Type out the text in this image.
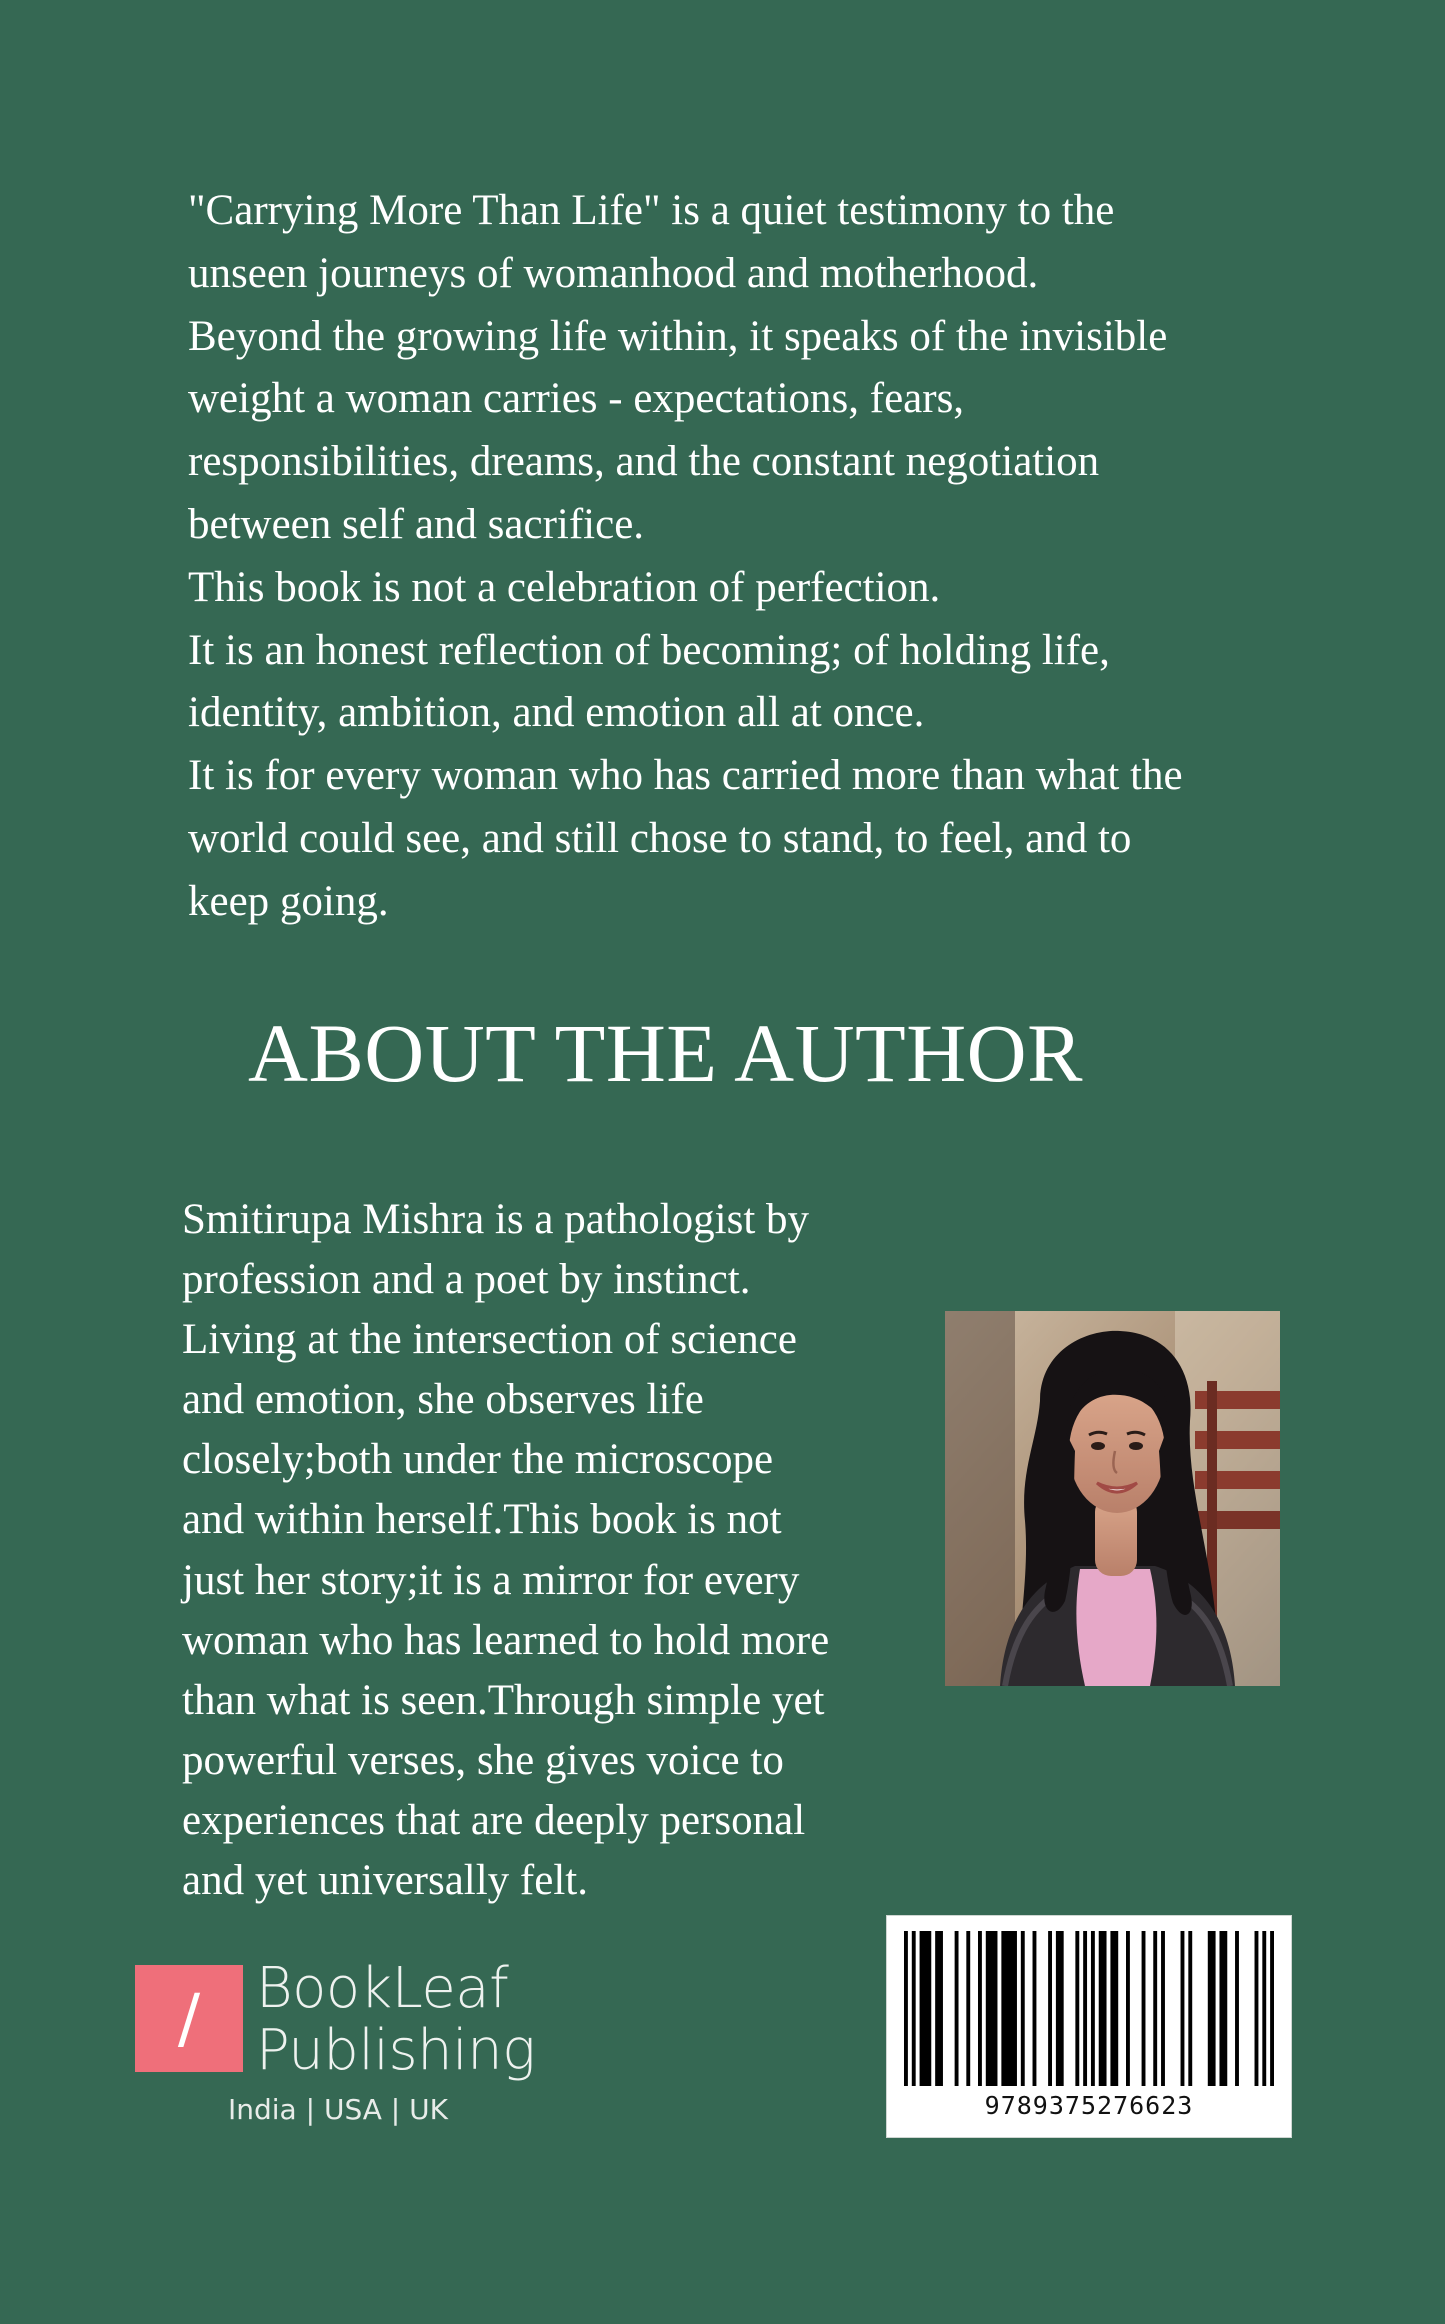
"Carrying More Than Life" is a quiet testimony to the

unseen journeys of womanhood and motherhood.

Beyond the growing life within, it speaks of the invisible

weight a woman carries - expectations, fears,

responsibilities, dreams, and the constant negotiation

between self and sacrifice.

This book is not a celebration of perfection.

It is an honest reflection of becoming; of holding life,

identity, ambition, and emotion all at once.

It is for every woman who has carried more than what the

world could see, and still chose to stand, to feel, and to

keep going.

ABOUT THE AUTHOR

Smitirupa Mishra is a pathologist by

profession and a poet by instinct.

Living at the intersection of science

and emotion, she observes life

closely;both under the microscope

and within herself.This book is not

just her story;it is a mirror for every

woman who has learned to hold more

than what is seen.Through simple yet

powerful verses, she gives voice to

experiences that are deeply personal

and yet universally felt.

/ BookLeaf
Publishing
India | USA | UK	9789375276623
